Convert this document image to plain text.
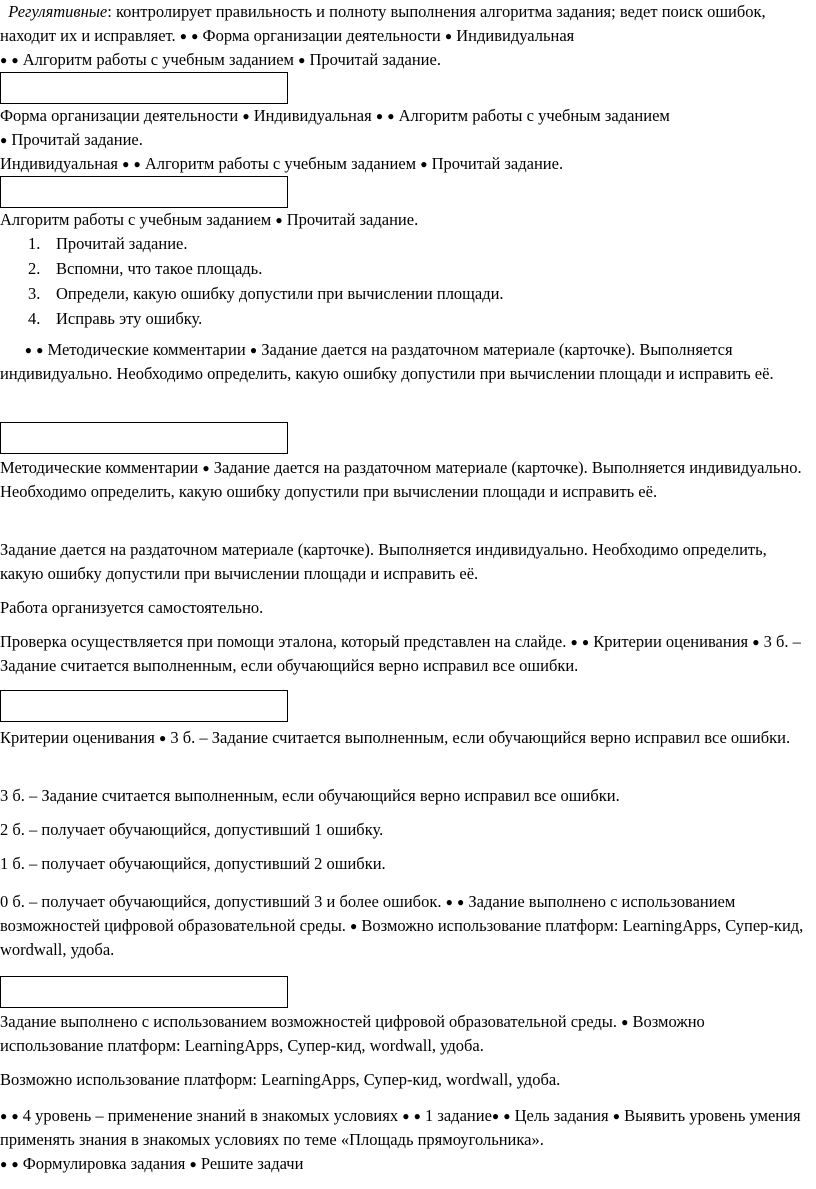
Регулятивные: контролирует правильность и полноту выполнения алгоритма задания; ведет поиск ошибок, находит их и исправляет. ● ● Форма организации деятельности ● Индивидуальная
● ● Алгоритм работы с учебным заданием ● Прочитай задание.

Форма организации деятельности ● Индивидуальная ● ● Алгоритм работы с учебным заданием
● Прочитай задание.
Индивидуальная ● ● Алгоритм работы с учебным заданием ● Прочитай задание.

Алгоритм работы с учебным заданием ● Прочитай задание.

1. Прочитай задание.
2. Вспомни, что такое площадь.
3. Определи, какую ошибку допустили при вычислении площади.
4. Исправь эту ошибку.

● ● Методические комментарии ● Задание дается на раздаточном материале (карточке). Выполняется индивидуально. Необходимо определить, какую ошибку допустили при вычислении площади и исправить её.

Методические комментарии ● Задание дается на раздаточном материале (карточке). Выполняется индивидуально. Необходимо определить, какую ошибку допустили при вычислении площади и исправить её.

Задание дается на раздаточном материале (карточке). Выполняется индивидуально. Необходимо определить, какую ошибку допустили при вычислении площади и исправить её.

Работа организуется самостоятельно.

Проверка осуществляется при помощи эталона, который представлен на слайде. ● ● Критерии оценивания ● 3 б. – Задание считается выполненным, если обучающийся верно исправил все ошибки.

Критерии оценивания ● 3 б. – Задание считается выполненным, если обучающийся верно исправил все ошибки.

3 б. – Задание считается выполненным, если обучающийся верно исправил все ошибки.

2 б. – получает обучающийся, допустивший 1 ошибку.

1 б. – получает обучающийся, допустивший 2 ошибки.

0 б. – получает обучающийся, допустивший 3 и более ошибок. ● ● Задание выполнено с использованием возможностей цифровой образовательной среды. ● Возможно использование платформ: LearningApps, Супер-кид, wordwall, удоба.

Задание выполнено с использованием возможностей цифровой образовательной среды. ● Возможно использование платформ: LearningApps, Супер-кид, wordwall, удоба.

Возможно использование платформ: LearningApps, Супер-кид, wordwall, удоба.

● ● 4 уровень – применение знаний в знакомых условиях ● ● 1 задание● ● Цель задания ● Выявить уровень умения применять знания в знакомых условиях по теме «Площадь прямоугольника».
● ● Формулировка задания ● Решите задачи
